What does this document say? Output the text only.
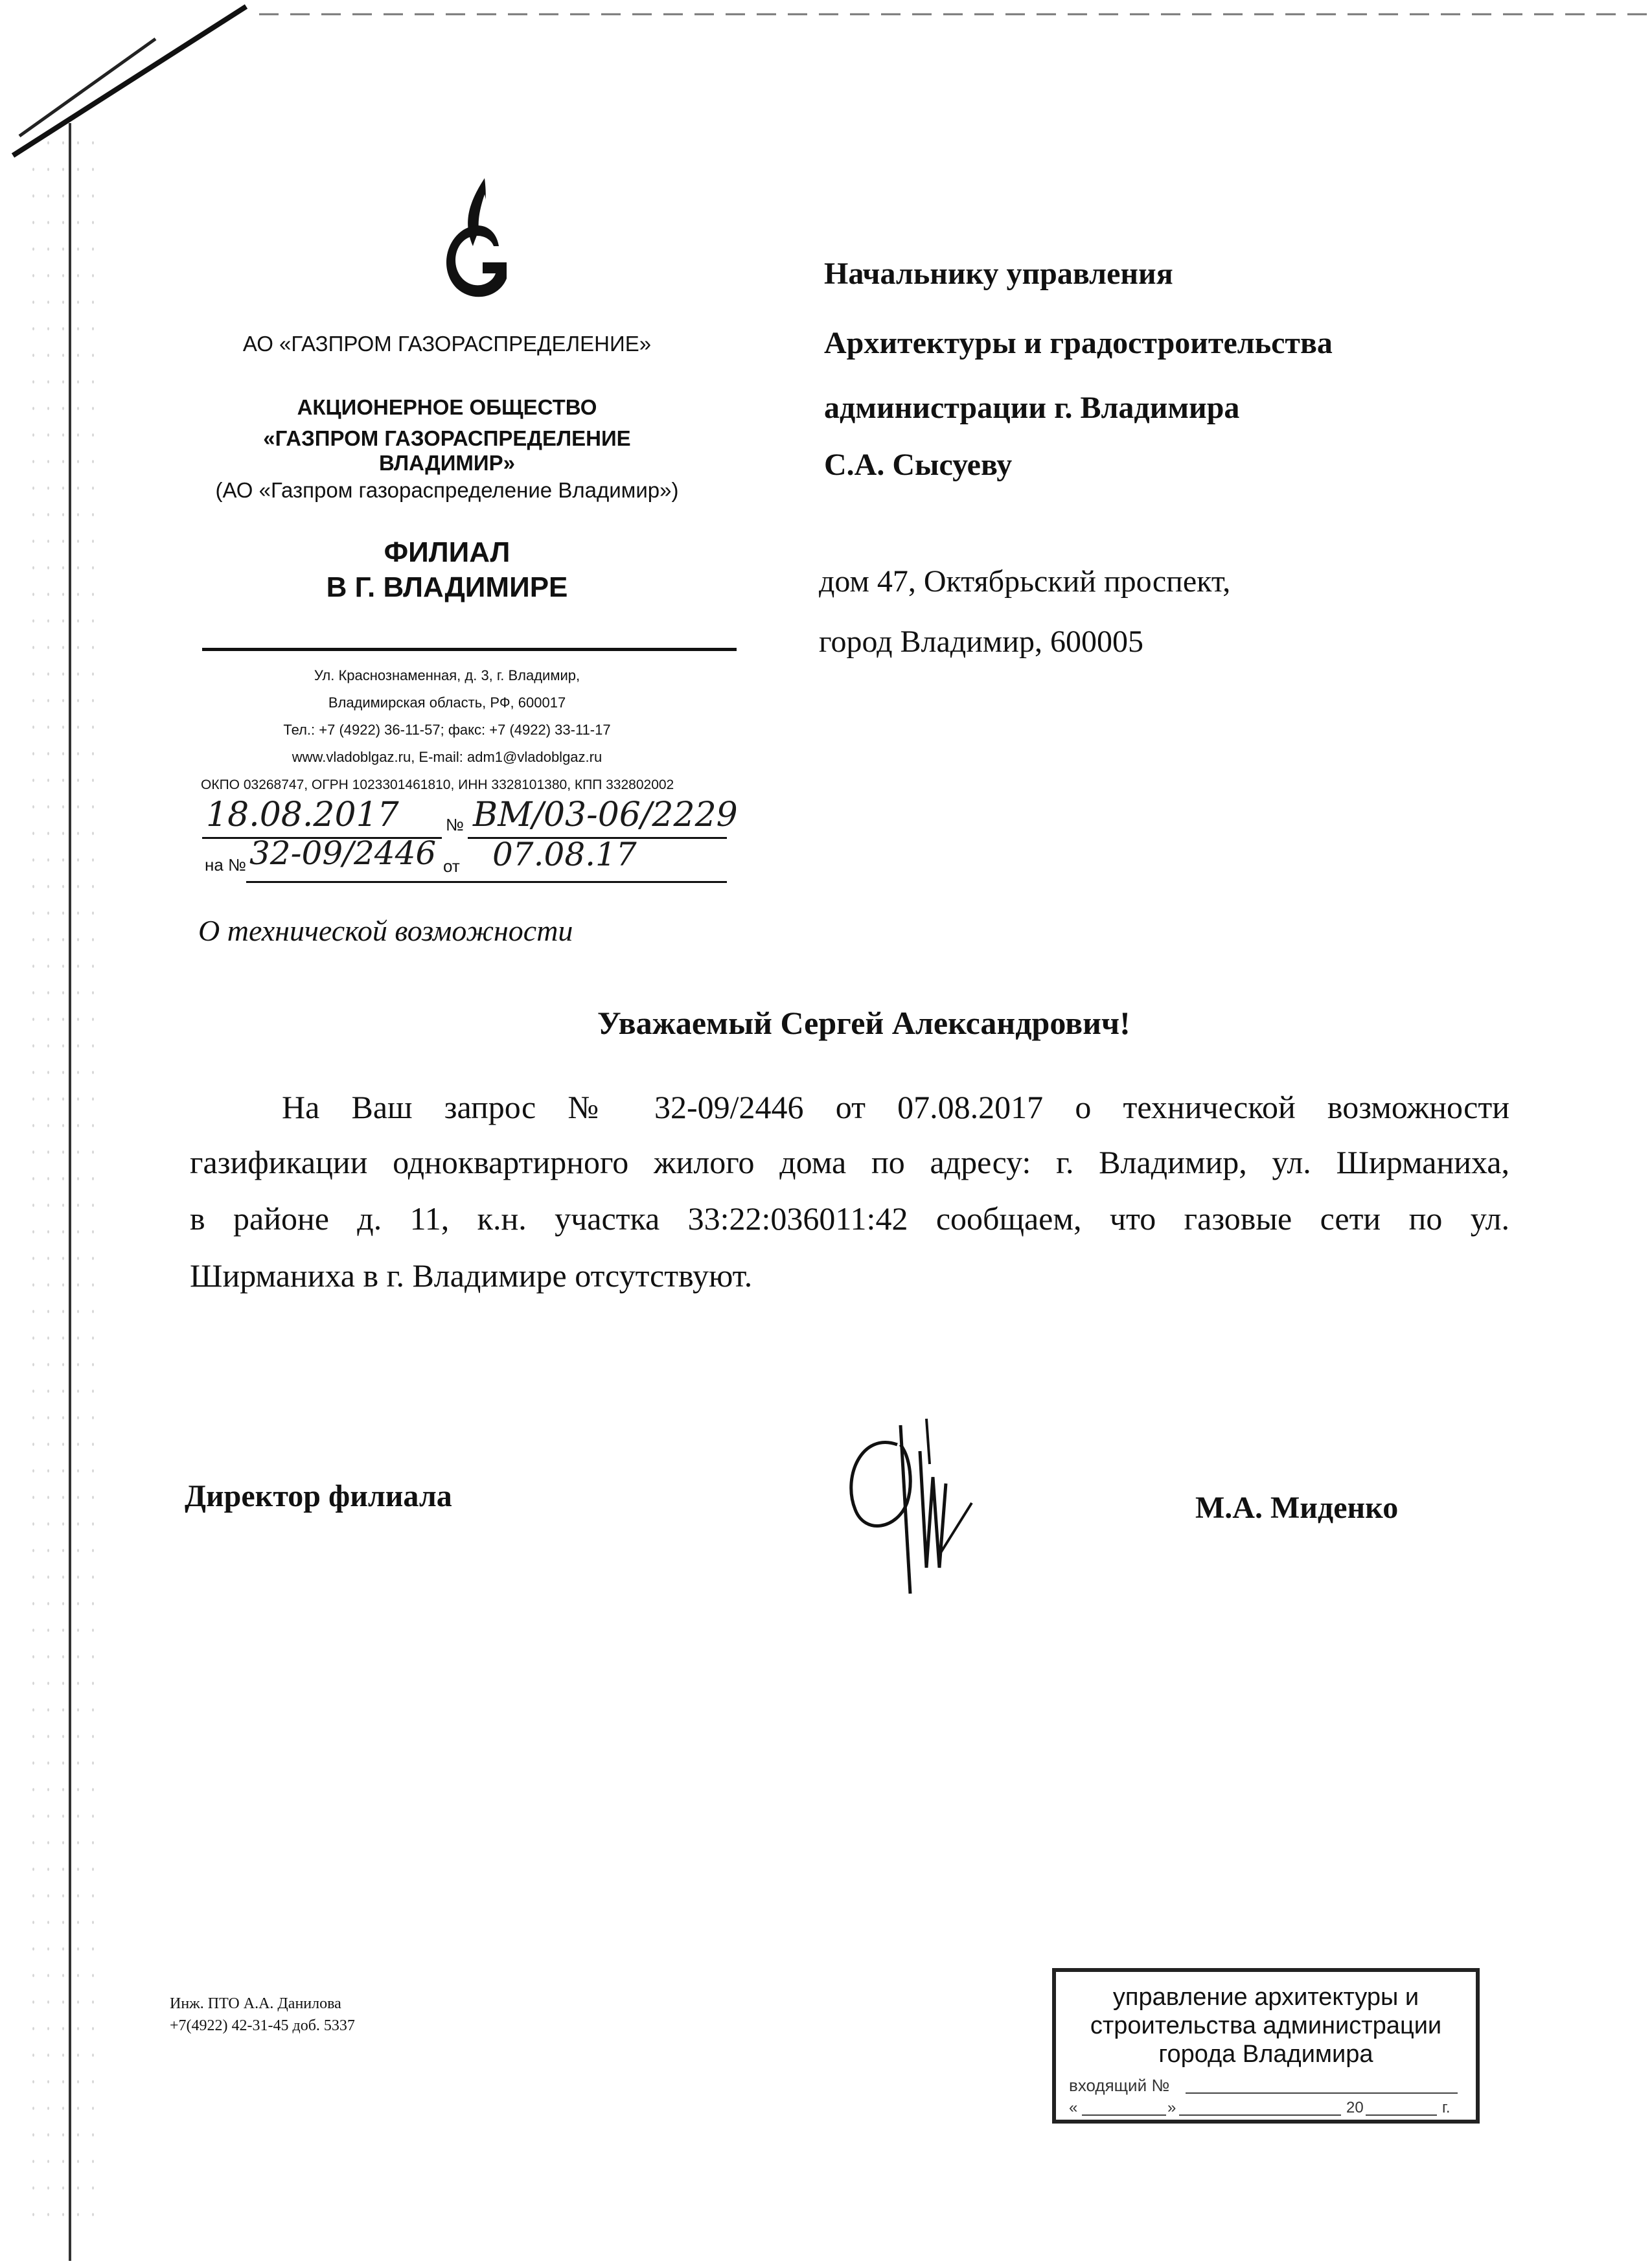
АО «ГАЗПРОМ ГАЗОРАСПРЕДЕЛЕНИЕ»
АКЦИОНЕРНОЕ ОБЩЕСТВО
«ГАЗПРОМ ГАЗОРАСПРЕДЕЛЕНИЕ ВЛАДИМИР»
(АО «Газпром газораспределение Владимир»)
ФИЛИАЛ
В Г. ВЛАДИМИРЕ
Ул. Краснознаменная, д. 3, г. Владимир,
Владимирская область, РФ, 600017
Тел.: +7 (4922) 36-11-57; факс: +7 (4922) 33-11-17
www.vladoblgaz.ru, E-mail: adm1@vladoblgaz.ru
ОКПО 03268747, ОГРН 1023301461810, ИНН 3328101380, КПП 332802002
18.08.2017	№ ВМ/03-06/2229
на № 32-09/2446 от 07.08.17
О технической возможности
Начальнику управления
Архитектуры и градостроительства
администрации г. Владимира
С.А. Сысуеву
дом 47, Октябрьский проспект,
город Владимир, 600005
Уважаемый Сергей Александрович!
На Ваш запрос № 32-09/2446 от 07.08.2017 о технической возможности
газификации одноквартирного жилого дома по адресу: г. Владимир, ул. Ширманиха,
в районе д. 11, к.н. участка 33:22:036011:42 сообщаем, что газовые сети по ул.
Ширманиха в г. Владимире отсутствуют.
Директор филиала	М.А. Миденко
Инж. ПТО А.А. Данилова
+7(4922) 42-31-45 доб. 5337
управление архитектуры и
строительства администрации
города Владимира
входящий №
«	»	20	г.
